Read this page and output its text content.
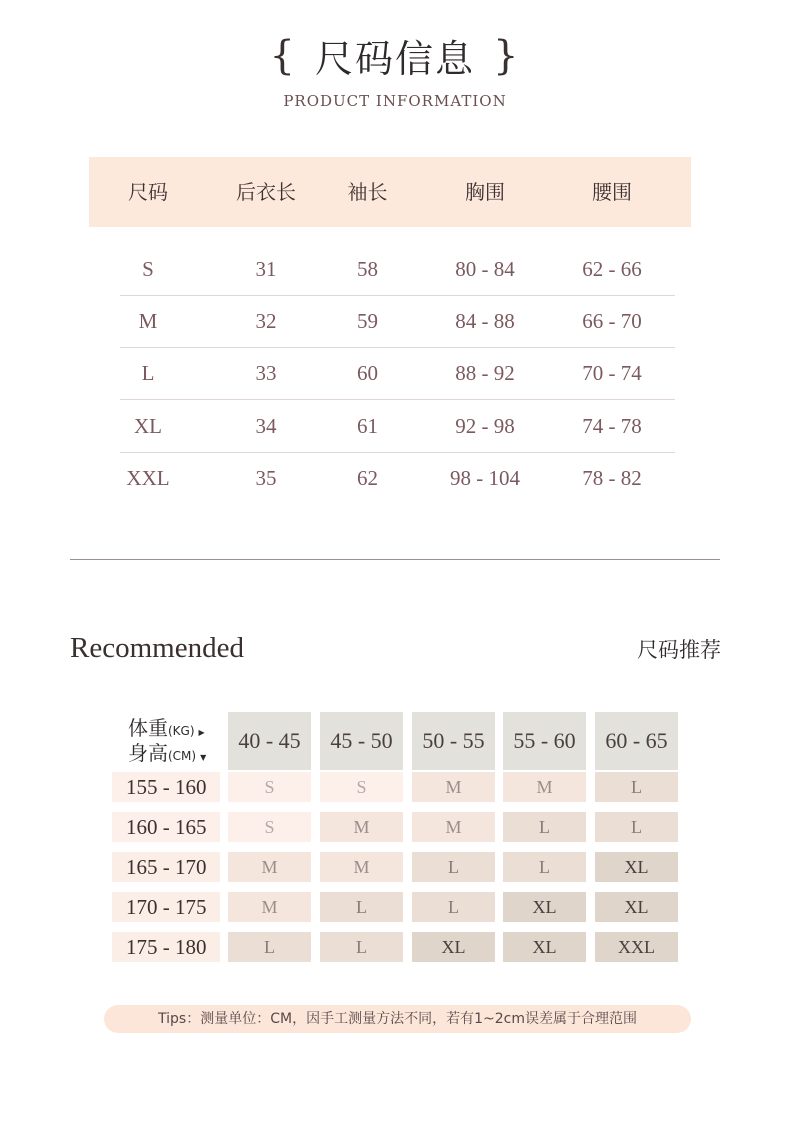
{ 尺码信息 }
PRODUCT INFORMATION
尺码	后衣长	袖长	胸围	腰围
S	31	58	80 - 84	62 - 66
M	32	59	84 - 88	66 - 70
L	33	60	88 - 92	70 - 74
XL	34	61	92 - 98	74 - 78
XXL	35	62	98 - 104	78 - 82
Recommended	尺码推荐
体重 (KG) ▶
身高 (CM) ▼
40 - 45	45 - 50	50 - 55	55 - 60	60 - 65
155 - 160	S	S	M	M	L
160 - 165	S	M	M	L	L
165 - 170	M	M	L	L	XL
170 - 175	M	L	L	XL	XL
175 - 180	L	L	XL	XL	XXL
Tips：测量单位：CM，因手工测量方法不同，若有1~2cm误差属于合理范围
